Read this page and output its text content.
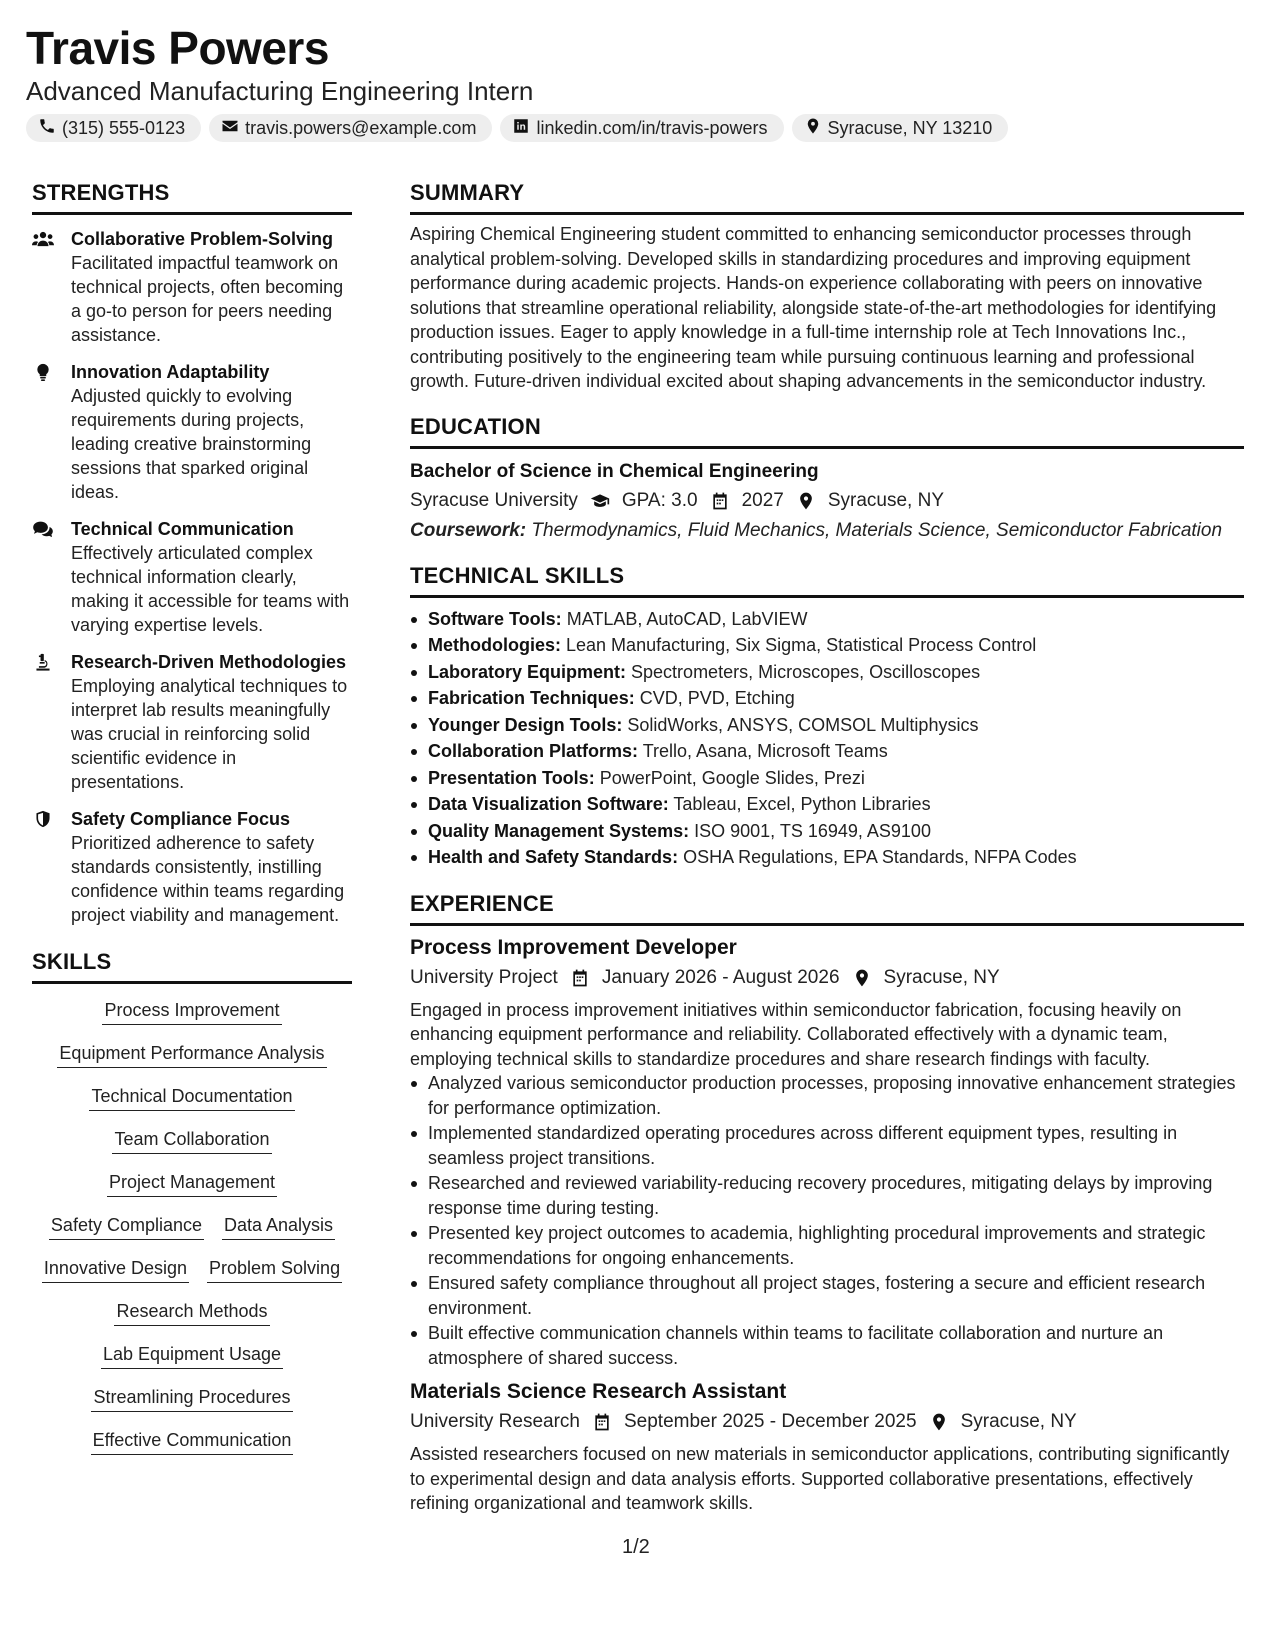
Travis Powers
Advanced Manufacturing Engineering Intern
(315) 555-0123	travis.powers@example.com	linkedin.com/in/travis-powers	Syracuse, NY 13210
STRENGTHS
Collaborative Problem-Solving
Facilitated impactful teamwork on technical projects, often becoming a go-to person for peers needing assistance.
Innovation Adaptability
Adjusted quickly to evolving requirements during projects, leading creative brainstorming sessions that sparked original ideas.
Technical Communication
Effectively articulated complex technical information clearly, making it accessible for teams with varying expertise levels.
Research-Driven Methodologies
Employing analytical techniques to interpret lab results meaningfully was crucial in reinforcing solid scientific evidence in presentations.
Safety Compliance Focus
Prioritized adherence to safety standards consistently, instilling confidence within teams regarding project viability and management.
SKILLS
Process Improvement
Equipment Performance Analysis
Technical Documentation
Team Collaboration
Project Management
Safety Compliance Data Analysis
Innovative Design Problem Solving
Research Methods
Lab Equipment Usage
Streamlining Procedures
Effective Communication
SUMMARY
Aspiring Chemical Engineering student committed to enhancing semiconductor processes through analytical problem-solving. Developed skills in standardizing procedures and improving equipment performance during academic projects. Hands-on experience collaborating with peers on innovative solutions that streamline operational reliability, alongside state-of-the-art methodologies for identifying production issues. Eager to apply knowledge in a full-time internship role at Tech Innovations Inc., contributing positively to the engineering team while pursuing continuous learning and professional growth. Future-driven individual excited about shaping advancements in the semiconductor industry.
EDUCATION
Bachelor of Science in Chemical Engineering
Syracuse University GPA: 3.0 2027 Syracuse, NY
Coursework: Thermodynamics, Fluid Mechanics, Materials Science, Semiconductor Fabrication
TECHNICAL SKILLS
Software Tools: MATLAB, AutoCAD, LabVIEW
Methodologies: Lean Manufacturing, Six Sigma, Statistical Process Control
Laboratory Equipment: Spectrometers, Microscopes, Oscilloscopes
Fabrication Techniques: CVD, PVD, Etching
Younger Design Tools: SolidWorks, ANSYS, COMSOL Multiphysics
Collaboration Platforms: Trello, Asana, Microsoft Teams
Presentation Tools: PowerPoint, Google Slides, Prezi
Data Visualization Software: Tableau, Excel, Python Libraries
Quality Management Systems: ISO 9001, TS 16949, AS9100
Health and Safety Standards: OSHA Regulations, EPA Standards, NFPA Codes
EXPERIENCE
Process Improvement Developer
University Project January 2026 - August 2026 Syracuse, NY
Engaged in process improvement initiatives within semiconductor fabrication, focusing heavily on enhancing equipment performance and reliability. Collaborated effectively with a dynamic team, employing technical skills to standardize procedures and share research findings with faculty.
Analyzed various semiconductor production processes, proposing innovative enhancement strategies for performance optimization.
Implemented standardized operating procedures across different equipment types, resulting in seamless project transitions.
Researched and reviewed variability-reducing recovery procedures, mitigating delays by improving response time during testing.
Presented key project outcomes to academia, highlighting procedural improvements and strategic recommendations for ongoing enhancements.
Ensured safety compliance throughout all project stages, fostering a secure and efficient research environment.
Built effective communication channels within teams to facilitate collaboration and nurture an atmosphere of shared success.
Materials Science Research Assistant
University Research September 2025 - December 2025 Syracuse, NY
Assisted researchers focused on new materials in semiconductor applications, contributing significantly to experimental design and data analysis efforts. Supported collaborative presentations, effectively refining organizational and teamwork skills.
1/2
